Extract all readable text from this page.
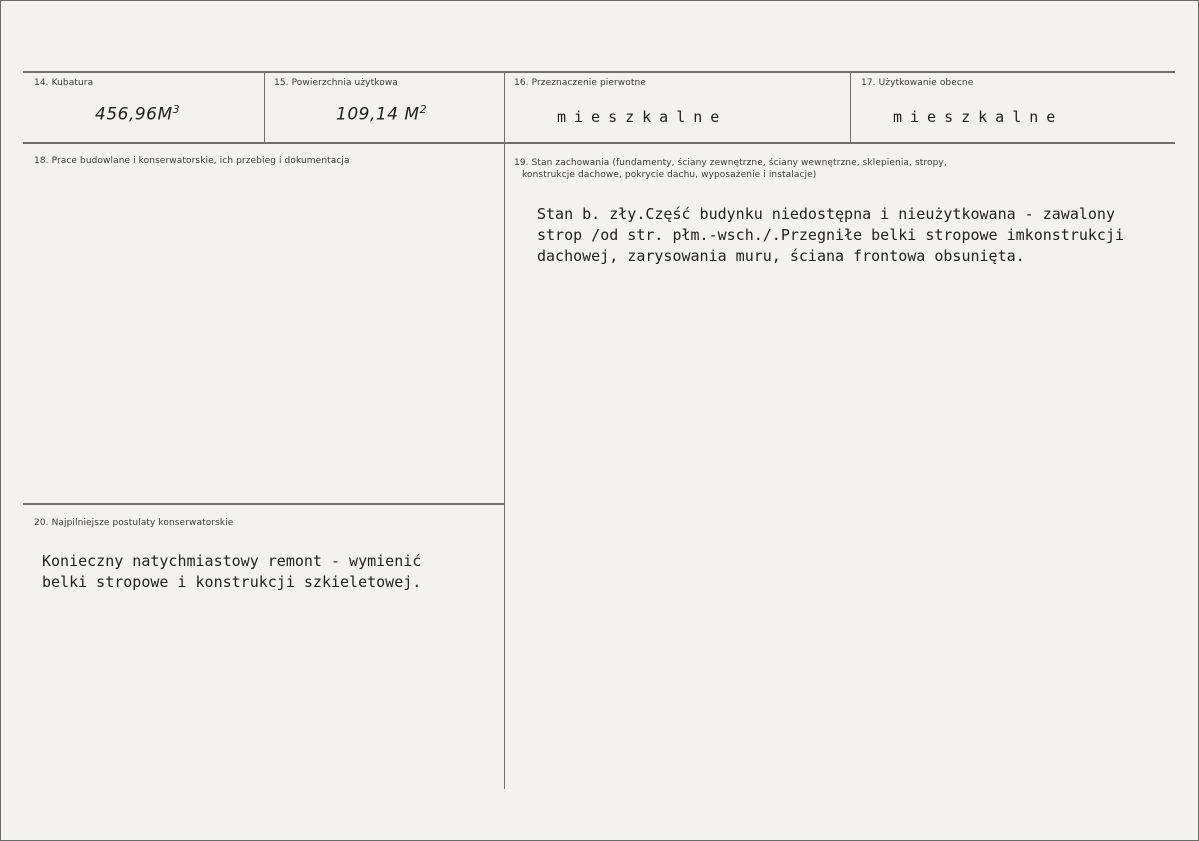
14. Kubatura
$456,96M^3$
15. Powierzchnia użytkowa
109,14 $M^2$
16. Przeznaczenie pierwotne
mieszkalne
17. Użytkowanie obecne
mieszkalne
18. Prace budowlane i konserwatorskie, ich przebieg i dokumentacja	19. Stan zachowania (fundamenty, ściany zewnętrzne, ściany wewnętrzne, sklepienia, stropy,
konstrukcje dachowe, pokrycie dachu, wyposażenie i instalacje)
Stan b. zły.Część budynku niedostępna i nieużytkowana - zawalony
strop /od str. płm.-wsch./.Przegniłe belki stropowe imkonstrukcji
dachowej, zarysowania muru, ściana frontowa obsunięta.
20. Najpilniejsze postulaty konserwatorskie
Konieczny natychmiastowy remont - wymienić
belki stropowe i konstrukcji szkieletowej.
